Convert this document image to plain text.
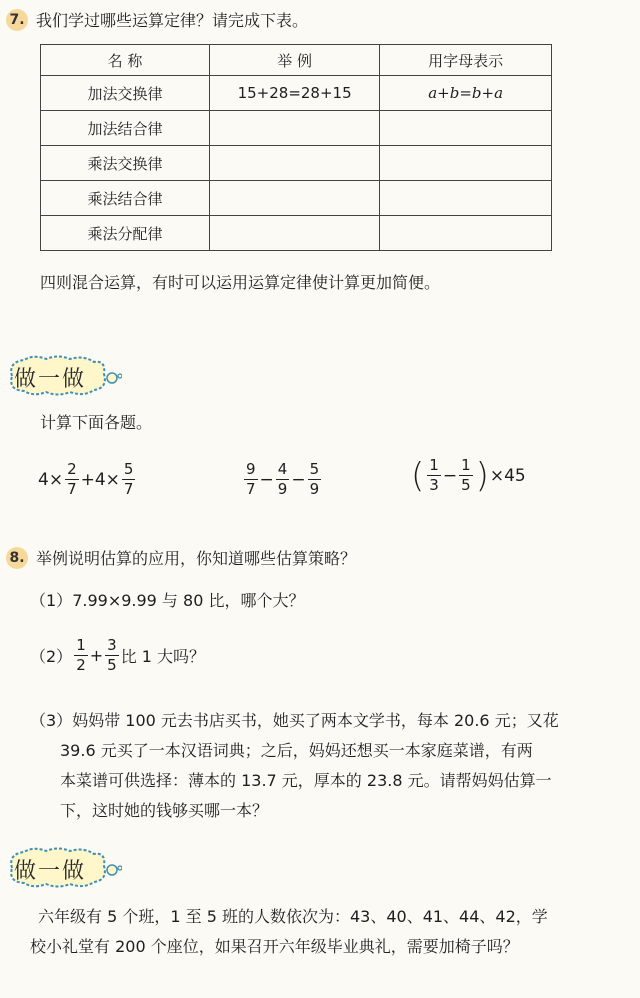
7. 我们学过哪些运算定律？请完成下表。
名 称	举 例	用字母表示
加法交换律	15+28=28+15	a+b=b+a
加法结合律		
乘法交换律		
乘法结合律		
乘法分配律		
四则混合运算，有时可以运用运算定律使计算更加简便。
做一做
计算下面各题。
$4\times \frac{2}{7} +4\times \frac{5}{7}$	$\frac{9}{7} - \frac{4}{9} - \frac{5}{9}$	( $\frac{1}{3} - \frac{1}{5}$ ) ×45
8. 举例说明估算的应用，你知道哪些估算策略？
（1） 7.99×9.99 与 80 比，哪个大？
$(2) \frac{1}{2} + \frac{3}{5}$ 比 1 大吗？
（3） 妈妈带 100 元去书店买书，她买了两本文学书，每本 20.6 元；又花
39.6 元买了一本汉语词典；之后，妈妈还想买一本家庭菜谱，有两
本菜谱可供选择：薄本的 13.7 元，厚本的 23.8 元。请帮妈妈估算一
下，这时她的钱够买哪一本？
做一做
六年级有 5 个班，1 至 5 班的人数依次为：43、40、41、44、42，学
校小礼堂有 200 个座位，如果召开六年级毕业典礼，需要加椅子吗？
